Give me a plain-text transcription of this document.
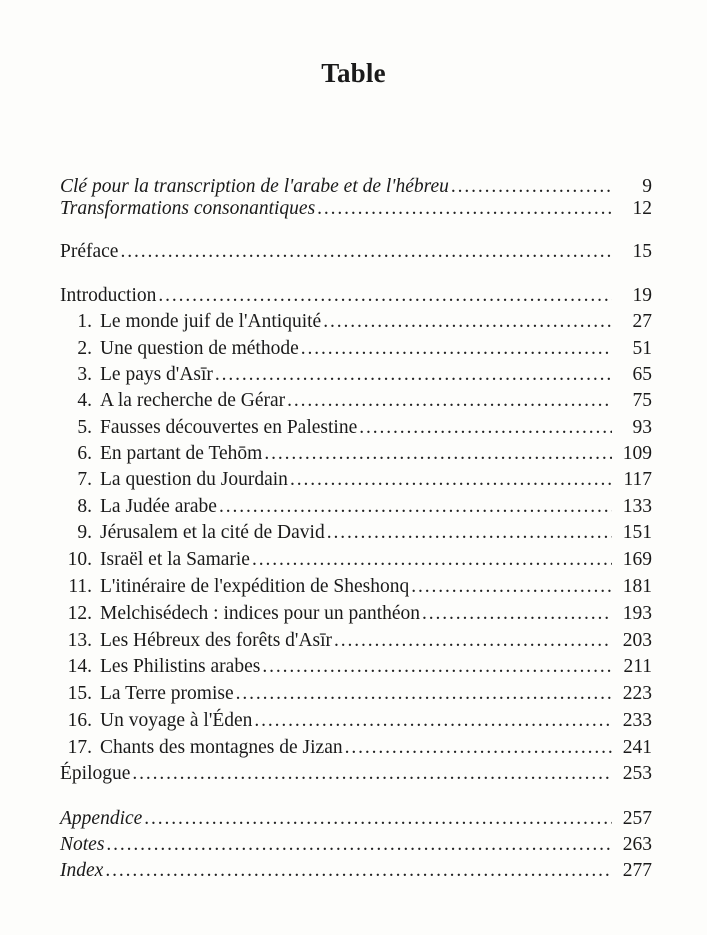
Table
Clé pour la transcription de l'arabe et de l'hébreu . . .	9
Transformations consonantiques . . .	12
Préface . . .	15
Introduction . . .	19
1. Le monde juif de l'Antiquité . . .	27
2. Une question de méthode . . .	51
3. Le pays d'Asīr . . .	65
4. A la recherche de Gérar . . .	75
5. Fausses découvertes en Palestine . . .	93
6. En partant de Tehōm . . .	109
7. La question du Jourdain . . .	117
8. La Judée arabe . . .	133
9. Jérusalem et la cité de David . . .	151
10. Israël et la Samarie . . .	169
11. L'itinéraire de l'expédition de Sheshonq . . .	181
12. Melchisédech : indices pour un panthéon . . .	193
13. Les Hébreux des forêts d'Asīr . . .	203
14. Les Philistins arabes . . .	211
15. La Terre promise . . .	223
16. Un voyage à l'Éden . . .	233
17. Chants des montagnes de Jizan . . .	241
Épilogue . . .	253
Appendice . . .	257
Notes . . .	263
Index . . .	277
